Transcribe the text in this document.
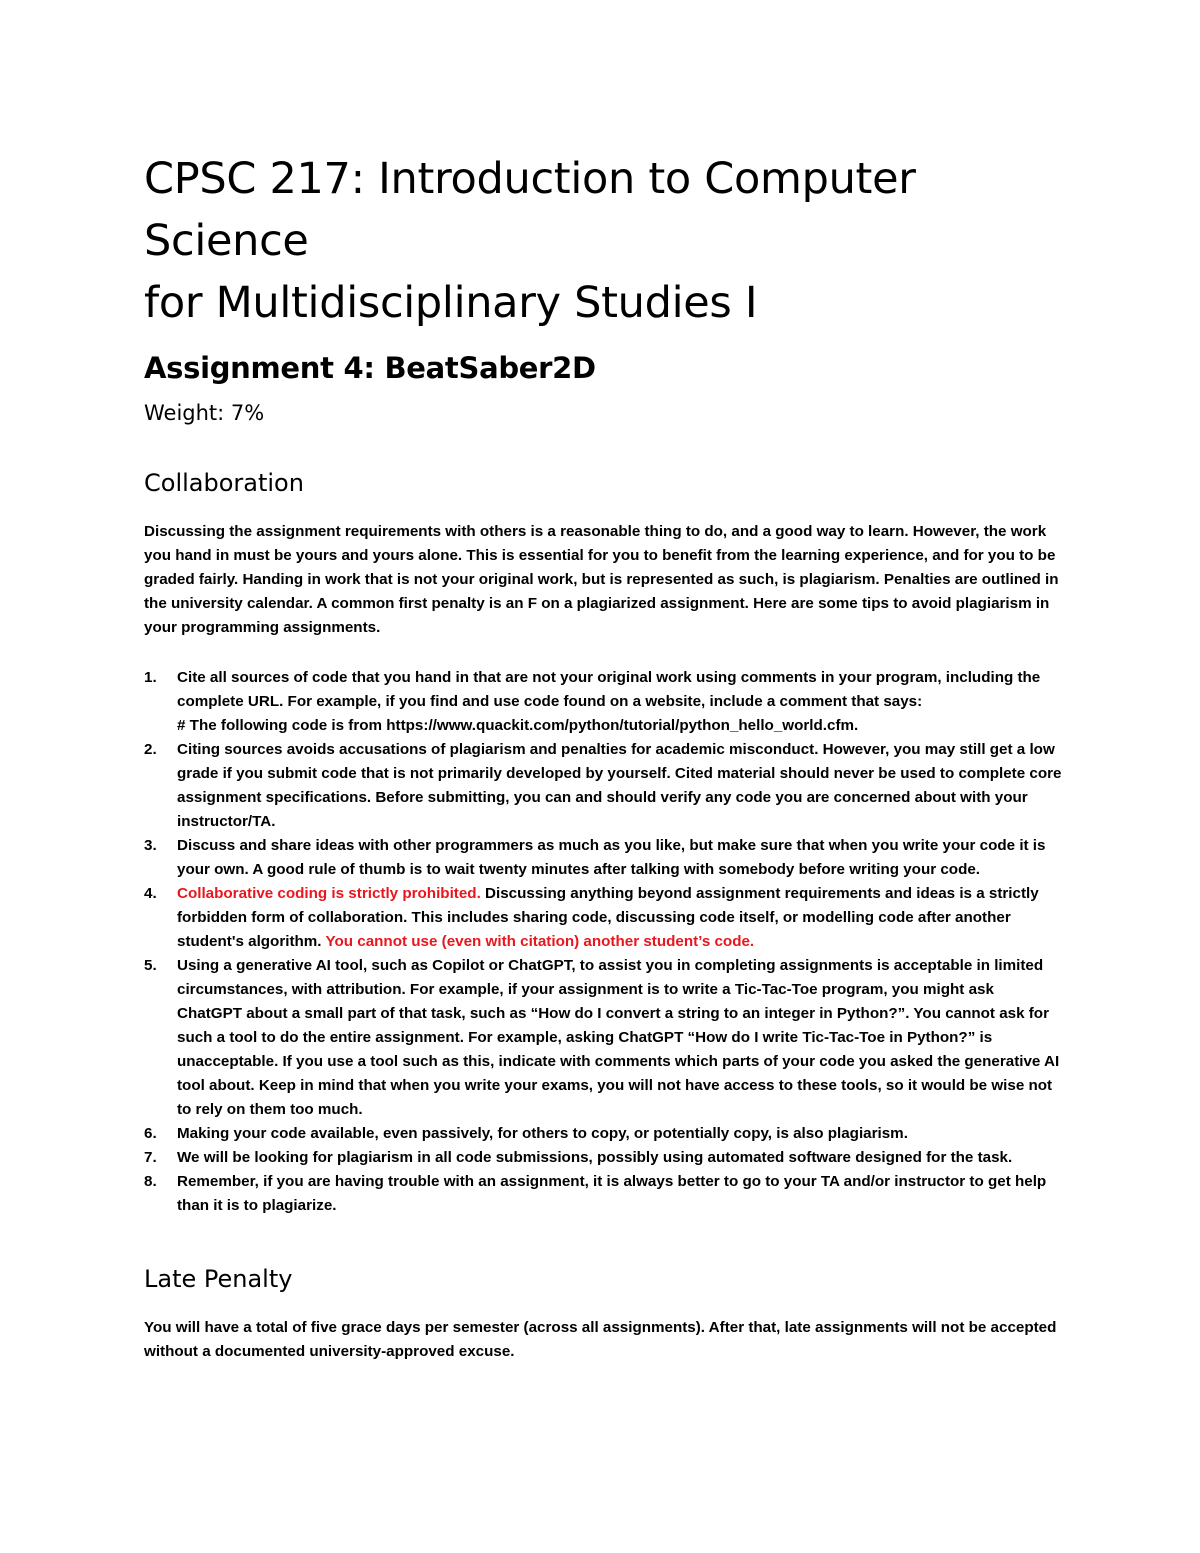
CPSC 217: Introduction to Computer Science
for Multidisciplinary Studies I
Assignment 4: BeatSaber2D
Weight: 7%
Collaboration

Discussing the assignment requirements with others is a reasonable thing to do, and a good way to learn. However, the work you hand in must be yours and yours alone. This is essential for you to benefit from the learning experience, and for you to be graded fairly. Handing in work that is not your original work, but is represented as such, is plagiarism. Penalties are outlined in the university calendar. A common first penalty is an F on a plagiarized assignment. Here are some tips to avoid plagiarism in your programming assignments.

1. Cite all sources of code that you hand in that are not your original work using comments in your program, including the complete URL. For example, if you find and use code found on a website, include a comment that says:
# The following code is from https://www.quackit.com/python/tutorial/python_hello_world.cfm.
2. Citing sources avoids accusations of plagiarism and penalties for academic misconduct. However, you may still get a low grade if you submit code that is not primarily developed by yourself. Cited material should never be used to complete core assignment specifications. Before submitting, you can and should verify any code you are concerned about with your instructor/TA.
3. Discuss and share ideas with other programmers as much as you like, but make sure that when you write your code it is your own. A good rule of thumb is to wait twenty minutes after talking with somebody before writing your code.
4. Collaborative coding is strictly prohibited. Discussing anything beyond assignment requirements and ideas is a strictly forbidden form of collaboration. This includes sharing code, discussing code itself, or modelling code after another student's algorithm. You cannot use (even with citation) another student’s code.
5. Using a generative AI tool, such as Copilot or ChatGPT, to assist you in completing assignments is acceptable in limited circumstances, with attribution. For example, if your assignment is to write a Tic-Tac-Toe program, you might ask ChatGPT about a small part of that task, such as “How do I convert a string to an integer in Python?”. You cannot ask for such a tool to do the entire assignment. For example, asking ChatGPT “How do I write Tic-Tac-Toe in Python?” is unacceptable. If you use a tool such as this, indicate with comments which parts of your code you asked the generative AI tool about. Keep in mind that when you write your exams, you will not have access to these tools, so it would be wise not to rely on them too much.
6. Making your code available, even passively, for others to copy, or potentially copy, is also plagiarism.
7. We will be looking for plagiarism in all code submissions, possibly using automated software designed for the task.
8. Remember, if you are having trouble with an assignment, it is always better to go to your TA and/or instructor to get help than it is to plagiarize.
Late Penalty

You will have a total of five grace days per semester (across all assignments). After that, late assignments will not be accepted without a documented university-approved excuse.
